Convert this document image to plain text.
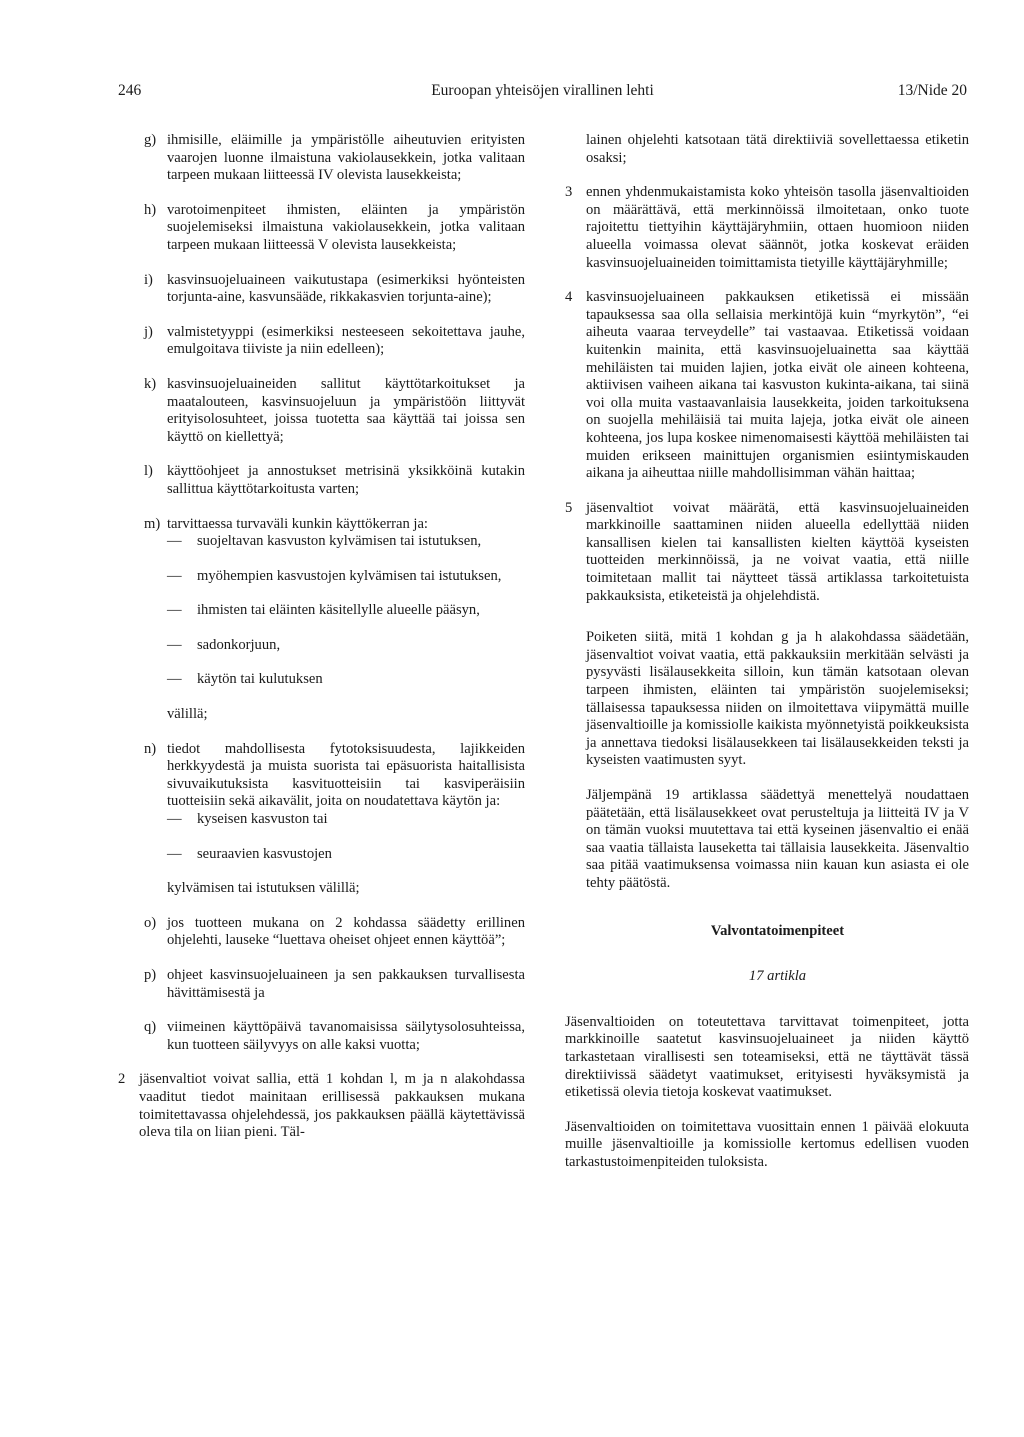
246	Euroopan yhteisöjen virallinen lehti	13/Nide 20
g) ihmisille, eläimille ja ympäristölle aiheutuvien erityisten vaarojen luonne ilmaistuna vakiolausekkein, jotka valitaan tarpeen mukaan liitteessä IV olevista lausekkeista;

h) varotoimenpiteet ihmisten, eläinten ja ympäristön suojelemiseksi ilmaistuna vakiolausekkein, jotka valitaan tarpeen mukaan liitteessä V olevista lausekkeista;

i) kasvinsuojeluaineen vaikutustapa (esimerkiksi hyönteisten torjunta-aine, kasvunsääde, rikkakasvien torjunta-aine);

j) valmistetyyppi (esimerkiksi nesteeseen sekoitettava jauhe, emulgoitava tiiviste ja niin edelleen);

k) kasvinsuojeluaineiden sallitut käyttötarkoitukset ja maatalouteen, kasvinsuojeluun ja ympäristöön liittyvät erityisolosuhteet, joissa tuotetta saa käyttää tai joissa sen käyttö on kiellettyä;

l) käyttöohjeet ja annostukset metrisinä yksikköinä kutakin sallittua käyttötarkoitusta varten;

m) tarvittaessa turvaväli kunkin käyttökerran ja:

— suojeltavan kasvuston kylvämisen tai istutuksen,
— myöhempien kasvustojen kylvämisen tai istutuksen,
— ihmisten tai eläinten käsitellylle alueelle pääsyn,
— sadonkorjuun,
— käytön tai kulutuksen

välillä;

n) tiedot mahdollisesta fytotoksisuudesta, lajikkeiden herkkyydestä ja muista suorista tai epäsuorista haitallisista sivuvaikutuksista kasvituotteisiin tai kasviperäisiin tuotteisiin sekä aikavälit, joita on noudatettava käytön ja:

— kyseisen kasvuston tai
— seuraavien kasvustojen

kylvämisen tai istutuksen välillä;

o) jos tuotteen mukana on 2 kohdassa säädetty erillinen ohjelehti, lauseke “luettava oheiset ohjeet ennen käyttöä”;

p) ohjeet kasvinsuojeluaineen ja sen pakkauksen turvallisesta hävittämisestä ja

q) viimeinen käyttöpäivä tavanomaisissa säilytysolosuhteissa, kun tuotteen säilyvyys on alle kaksi vuotta;

2 jäsenvaltiot voivat sallia, että 1 kohdan l, m ja n alakohdassa vaaditut tiedot mainitaan erillisessä pakkauksen mukana toimitettavassa ohjelehdessä, jos pakkauksen päällä käytettävissä oleva tila on liian pieni. Täl-

lainen ohjelehti katsotaan tätä direktiiviä sovellettaessa etiketin osaksi;

3 ennen yhdenmukaistamista koko yhteisön tasolla jäsenvaltioiden on määrättävä, että merkinnöissä ilmoitetaan, onko tuote rajoitettu tiettyihin käyttäjäryhmiin, ottaen huomioon niiden alueella voimassa olevat säännöt, jotka koskevat eräiden kasvinsuojeluaineiden toimittamista tietyille käyttäjäryhmille;
4 kasvinsuojeluaineen pakkauksen etiketissä ei missään tapauksessa saa olla sellaisia merkintöjä kuin “myrkytön”, “ei aiheuta vaaraa terveydelle” tai vastaavaa. Etiketissä voidaan kuitenkin mainita, että kasvinsuojeluainetta saa käyttää mehiläisten tai muiden lajien, jotka eivät ole aineen kohteena, aktiivisen vaiheen aikana tai kasvuston kukinta-aikana, tai siinä voi olla muita vastaavanlaisia lausekkeita, joiden tarkoituksena on suojella mehiläisiä tai muita lajeja, jotka eivät ole aineen kohteena, jos lupa koskee nimenomaisesti käyttöä mehiläisten tai muiden erikseen mainittujen organismien esiintymiskauden aikana ja aiheuttaa niille mahdollisimman vähän haittaa;
5 jäsenvaltiot voivat määrätä, että kasvinsuojeluaineiden markkinoille saattaminen niiden alueella edellyttää niiden kansallisen kielen tai kansallisten kielten käyttöä kyseisten tuotteiden merkinnöissä, ja ne voivat vaatia, että niille toimitetaan mallit tai näytteet tässä artiklassa tarkoitetuista pakkauksista, etiketeistä ja ohjelehdistä.

Poiketen siitä, mitä 1 kohdan g ja h alakohdassa säädetään, jäsenvaltiot voivat vaatia, että pakkauksiin merkitään selvästi ja pysyvästi lisälausekkeita silloin, kun tämän katsotaan olevan tarpeen ihmisten, eläinten tai ympäristön suojelemiseksi; tällaisessa tapauksessa niiden on ilmoitettava viipymättä muille jäsenvaltioille ja komissiolle kaikista myönnetyistä poikkeuksista ja annettava tiedoksi lisälausekkeen tai lisälausekkeiden teksti ja kyseisten vaatimusten syyt.

Jäljempänä 19 artiklassa säädettyä menettelyä noudattaen päätetään, että lisälausekkeet ovat perusteltuja ja liitteitä IV ja V on tämän vuoksi muutettava tai että kyseinen jäsenvaltio ei enää saa vaatia tällaista lauseketta tai tällaisia lausekkeita. Jäsenvaltio saa pitää vaatimuksensa voimassa niin kauan kun asiasta ei ole tehty päätöstä.

Valvontatoimenpiteet
17 artikla

Jäsenvaltioiden on toteutettava tarvittavat toimenpiteet, jotta markkinoille saatetut kasvinsuojeluaineet ja niiden käyttö tarkastetaan virallisesti sen toteamiseksi, että ne täyttävät tässä direktiivissä säädetyt vaatimukset, erityisesti hyväksymistä ja etiketissä olevia tietoja koskevat vaatimukset.

Jäsenvaltioiden on toimitettava vuosittain ennen 1 päivää elokuuta muille jäsenvaltioille ja komissiolle kertomus edellisen vuoden tarkastustoimenpiteiden tuloksista.
